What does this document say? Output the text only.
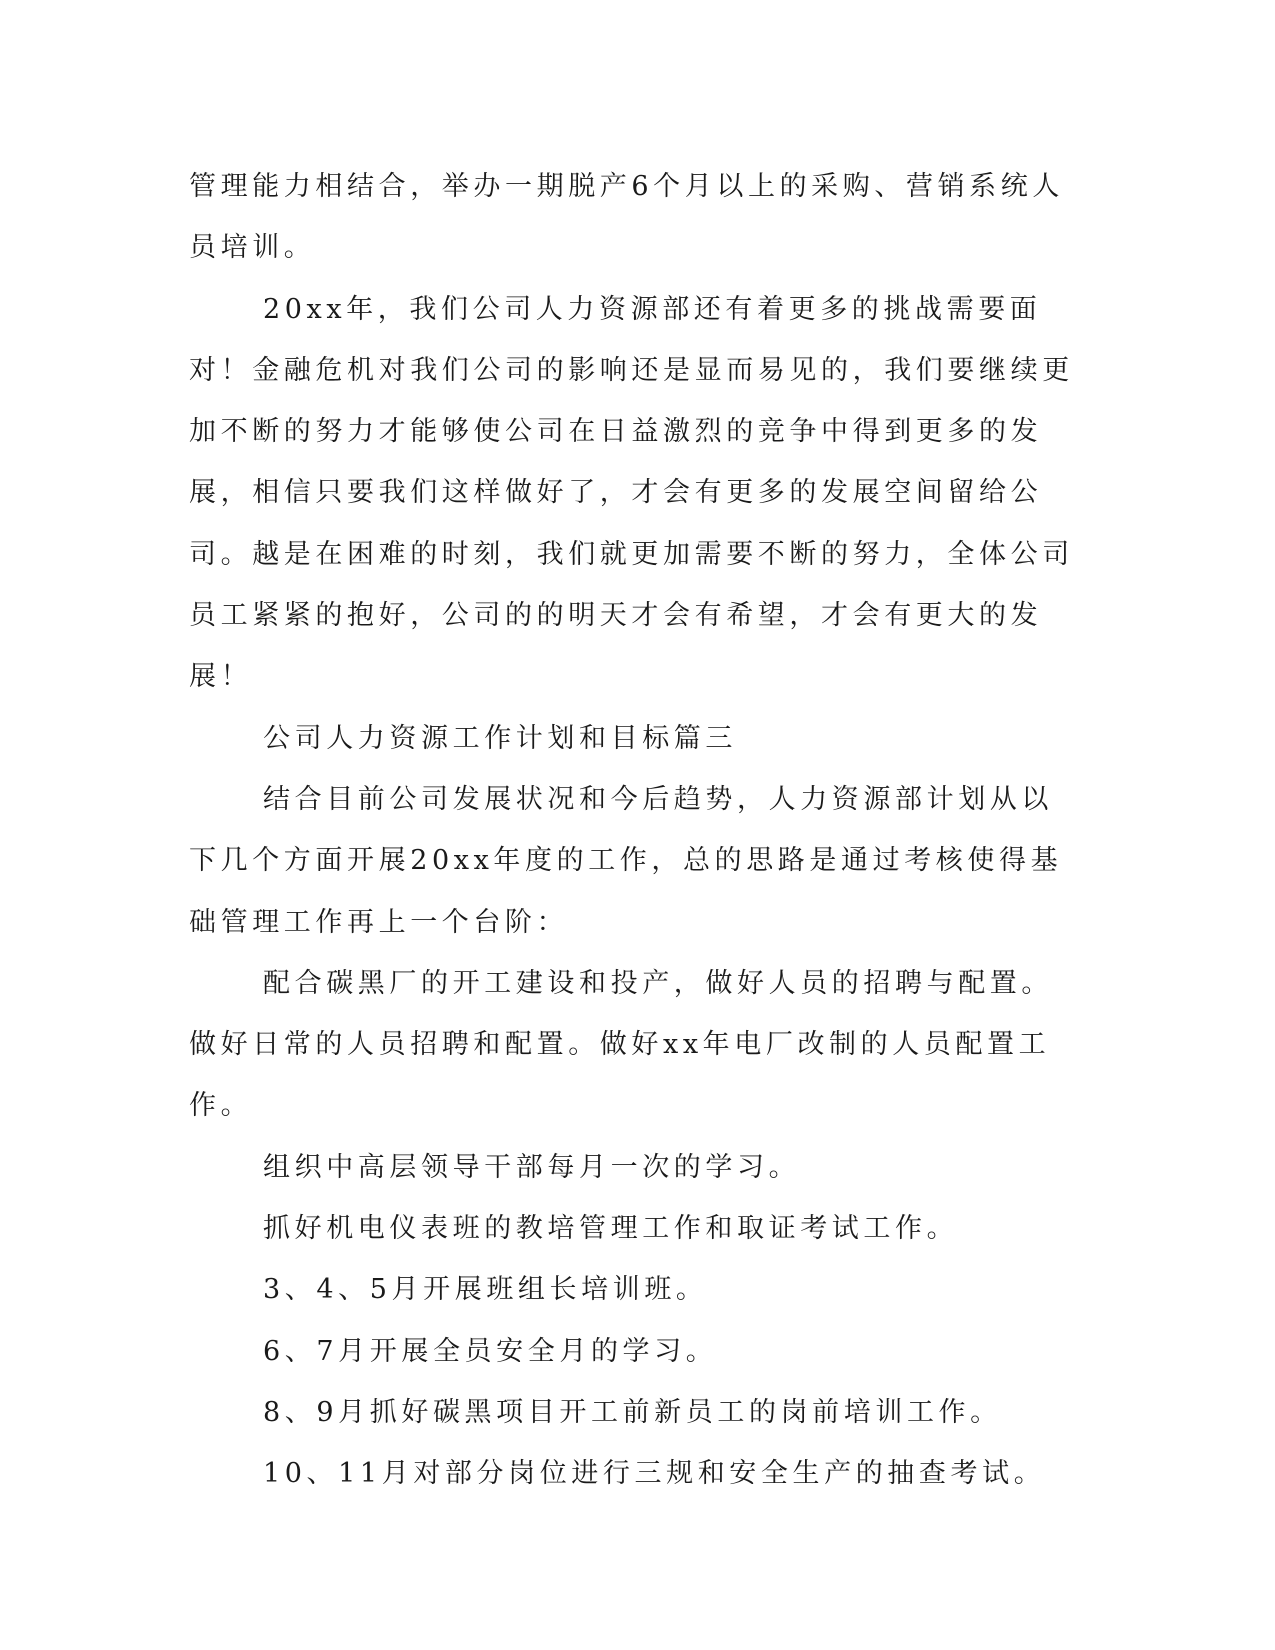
管理能力相结合，举办一期脱产6个月以上的采购、营销系统人员培训。

20xx年，我们公司人力资源部还有着更多的挑战需要面对！金融危机对我们公司的影响还是显而易见的，我们要继续更加不断的努力才能够使公司在日益激烈的竞争中得到更多的发展，相信只要我们这样做好了，才会有更多的发展空间留给公司。越是在困难的时刻，我们就更加需要不断的努力，全体公司员工紧紧的抱好，公司的的明天才会有希望，才会有更大的发展！

公司人力资源工作计划和目标篇三

结合目前公司发展状况和今后趋势，人力资源部计划从以下几个方面开展20xx年度的工作，总的思路是通过考核使得基础管理工作再上一个台阶：

配合碳黑厂的开工建设和投产，做好人员的招聘与配置。做好日常的人员招聘和配置。做好xx年电厂改制的人员配置工作。

组织中高层领导干部每月一次的学习。

抓好机电仪表班的教培管理工作和取证考试工作。

3、4、5月开展班组长培训班。

6、7月开展全员安全月的学习。

8、9月抓好碳黑项目开工前新员工的岗前培训工作。

10、11月对部分岗位进行三规和安全生产的抽查考试。
